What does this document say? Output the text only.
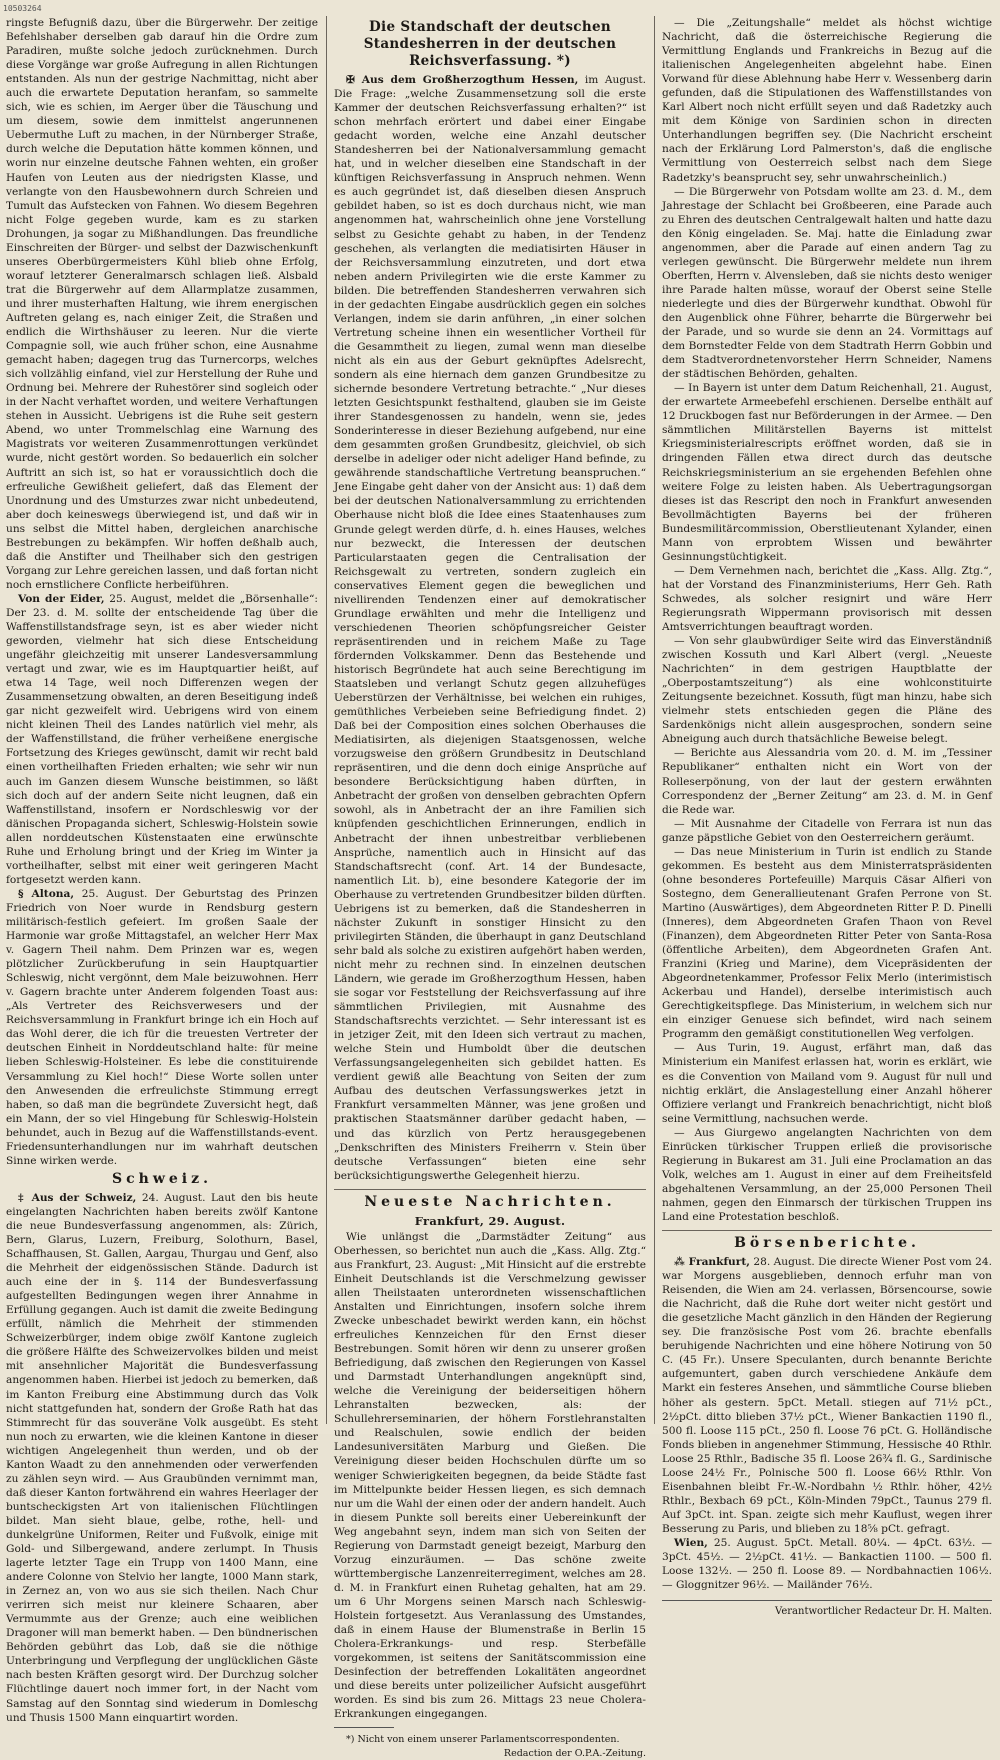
10503264

ringste Befugniß dazu, über die Bürgerwehr. Der zeitige Befehlshaber derselben gab darauf hin die Ordre zum Paradiren, mußte solche jedoch zurücknehmen. Durch diese Vorgänge war große Aufregung in allen Richtungen entstanden. Als nun der gestrige Nachmittag, nicht aber auch die erwartete Deputation heranfam, so sammelte sich, wie es schien, im Aerger über die Täuschung und um diesem, sowie dem inmittelst angerunnenen Uebermuthe Luft zu machen, in der Nürnberger Straße, durch welche die Deputation hätte kommen können, und worin nur einzelne deutsche Fahnen wehten, ein großer Haufen von Leuten aus der niedrigsten Klasse, und verlangte von den Hausbewohnern durch Schreien und Tumult das Aufstecken von Fahnen. Wo diesem Begehren nicht Folge gegeben wurde, kam es zu starken Drohungen, ja sogar zu Mißhandlungen. Das freundliche Einschreiten der Bürger- und selbst der Dazwischenkunft unseres Oberbürgermeisters Kühl blieb ohne Erfolg, worauf letzterer Generalmarsch schlagen ließ. Alsbald trat die Bürgerwehr auf dem Allarmplatze zusammen, und ihrer musterhaften Haltung, wie ihrem energischen Auftreten gelang es, nach einiger Zeit, die Straßen und endlich die Wirthshäuser zu leeren. Nur die vierte Compagnie soll, wie auch früher schon, eine Ausnahme gemacht haben; dagegen trug das Turnercorps, welches sich vollzählig einfand, viel zur Herstellung der Ruhe und Ordnung bei. Mehrere der Ruhestörer sind sogleich oder in der Nacht verhaftet worden, und weitere Verhaftungen stehen in Aussicht. Uebrigens ist die Ruhe seit gestern Abend, wo unter Trommelschlag eine Warnung des Magistrats vor weiteren Zusammenrottungen verkündet wurde, nicht gestört worden. So bedauerlich ein solcher Auftritt an sich ist, so hat er voraussichtlich doch die erfreuliche Gewißheit geliefert, daß das Element der Unordnung und des Umsturzes zwar nicht unbedeutend, aber doch keineswegs überwiegend ist, und daß wir in uns selbst die Mittel haben, dergleichen anarchische Bestrebungen zu bekämpfen. Wir hoffen deßhalb auch, daß die Anstifter und Theilhaber sich den gestrigen Vorgang zur Lehre gereichen lassen, und daß fortan nicht noch ernstlichere Conflicte herbeiführen.

Von der Eider, 25. August, meldet die „Börsenhalle“: Der 23. d. M. sollte der entscheidende Tag über die Waffenstillstandsfrage seyn, ist es aber wieder nicht geworden, vielmehr hat sich diese Entscheidung ungefähr gleichzeitig mit unserer Landesversammlung vertagt und zwar, wie es im Hauptquartier heißt, auf etwa 14 Tage, weil noch Differenzen wegen der Zusammensetzung obwalten, an deren Beseitigung indeß gar nicht gezweifelt wird. Uebrigens wird von einem nicht kleinen Theil des Landes natürlich viel mehr, als der Waffenstillstand, die früher verheißene energische Fortsetzung des Krieges gewünscht, damit wir recht bald einen vortheilhaften Frieden erhalten; wie sehr wir nun auch im Ganzen diesem Wunsche beistimmen, so läßt sich doch auf der andern Seite nicht leugnen, daß ein Waffenstillstand, insofern er Nordschleswig vor der dänischen Propaganda sichert, Schleswig-Holstein sowie allen norddeutschen Küstenstaaten eine erwünschte Ruhe und Erholung bringt und der Krieg im Winter ja vortheilhafter, selbst mit einer weit geringeren Macht fortgesetzt werden kann.

§ Altona, 25. August. Der Geburtstag des Prinzen Friedrich von Noer wurde in Rendsburg gestern militärisch-festlich gefeiert. Im großen Saale der Harmonie war große Mittagstafel, an welcher Herr Max v. Gagern Theil nahm. Dem Prinzen war es, wegen plötzlicher Zurückberufung in sein Hauptquartier Schleswig, nicht vergönnt, dem Male beizuwohnen. Herr v. Gagern brachte unter Anderem folgenden Toast aus: „Als Vertreter des Reichsverwesers und der Reichsversammlung in Frankfurt bringe ich ein Hoch auf das Wohl derer, die ich für die treuesten Vertreter der deutschen Einheit in Norddeutschland halte: für meine lieben Schleswig-Holsteiner. Es lebe die constituirende Versammlung zu Kiel hoch!“ Diese Worte sollen unter den Anwesenden die erfreulichste Stimmung erregt haben, so daß man die begründete Zuversicht hegt, daß ein Mann, der so viel Hingebung für Schleswig-Holstein behundet, auch in Bezug auf die Waffenstillstands-event. Friedensunterhandlungen nur im wahrhaft deutschen Sinne wirken werde.

Schweiz.

‡ Aus der Schweiz, 24. August. Laut den bis heute eingelangten Nachrichten haben bereits zwölf Kantone die neue Bundesverfassung angenommen, als: Zürich, Bern, Glarus, Luzern, Freiburg, Solothurn, Basel, Schaffhausen, St. Gallen, Aargau, Thurgau und Genf, also die Mehrheit der eidgenössischen Stände. Dadurch ist auch eine der in §. 114 der Bundesverfassung aufgestellten Bedingungen wegen ihrer Annahme in Erfüllung gegangen. Auch ist damit die zweite Bedingung erfüllt, nämlich die Mehrheit der stimmenden Schweizerbürger, indem obige zwölf Kantone zugleich die größere Hälfte des Schweizervolkes bilden und meist mit ansehnlicher Majorität die Bundesverfassung angenommen haben. Hierbei ist jedoch zu bemerken, daß im Kanton Freiburg eine Abstimmung durch das Volk nicht stattgefunden hat, sondern der Große Rath hat das Stimmrecht für das souveräne Volk ausgeübt. Es steht nun noch zu erwarten, wie die kleinen Kantone in dieser wichtigen Angelegenheit thun werden, und ob der Kanton Waadt zu den annehmenden oder verwerfenden zu zählen seyn wird. — Aus Graubünden vernimmt man, daß dieser Kanton fortwährend ein wahres Heerlager der buntscheckigsten Art von italienischen Flüchtlingen bildet. Man sieht blaue, gelbe, rothe, hell- und dunkelgrüne Uniformen, Reiter und Fußvolk, einige mit Gold- und Silbergewand, andere zerlumpt. In Thusis lagerte letzter Tage ein Trupp von 1400 Mann, eine andere Colonne von Stelvio her langte, 1000 Mann stark, in Zernez an, von wo aus sie sich theilen. Nach Chur verirren sich meist nur kleinere Schaaren, aber Vermummte aus der Grenze; auch eine weiblichen Dragoner will man bemerkt haben. — Den bündnerischen Behörden gebührt das Lob, daß sie die nöthige Unterbringung und Verpflegung der unglücklichen Gäste nach besten Kräften gesorgt wird. Der Durchzug solcher Flüchtlinge dauert noch immer fort, in der Nacht vom Samstag auf den Sonntag sind wiederum in Domleschg und Thusis 1500 Mann einquartirt worden.

Die Standschaft der deutschen Standesherren in der deutschen Reichsverfassung. *)

✠ Aus dem Großherzogthum Hessen, im August. Die Frage: „welche Zusammensetzung soll die erste Kammer der deutschen Reichsverfassung erhalten?“ ist schon mehrfach erörtert und dabei einer Eingabe gedacht worden, welche eine Anzahl deutscher Standesherren bei der Nationalversammlung gemacht hat, und in welcher dieselben eine Standschaft in der künftigen Reichsverfassung in Anspruch nehmen. Wenn es auch gegründet ist, daß dieselben diesen Anspruch gebildet haben, so ist es doch durchaus nicht, wie man angenommen hat, wahrscheinlich ohne jene Vorstellung selbst zu Gesichte gehabt zu haben, in der Tendenz geschehen, als verlangten die mediatisirten Häuser in der Reichsversammlung einzutreten, und dort etwa neben andern Privilegirten wie die erste Kammer zu bilden. Die betreffenden Standesherren verwahren sich in der gedachten Eingabe ausdrücklich gegen ein solches Verlangen, indem sie darin anführen, „in einer solchen Vertretung scheine ihnen ein wesentlicher Vortheil für die Gesammtheit zu liegen, zumal wenn man dieselbe nicht als ein aus der Geburt geknüpftes Adelsrecht, sondern als eine hiernach dem ganzen Grundbesitze zu sichernde besondere Vertretung betrachte.“ „Nur dieses letzten Gesichtspunkt festhaltend, glauben sie im Geiste ihrer Standesgenossen zu handeln, wenn sie, jedes Sonderinteresse in dieser Beziehung aufgebend, nur eine dem gesammten großen Grundbesitz, gleichviel, ob sich derselbe in adeliger oder nicht adeliger Hand befinde, zu gewährende standschaftliche Vertretung beanspruchen.“ Jene Eingabe geht daher von der Ansicht aus: 1) daß dem bei der deutschen Nationalversammlung zu errichtenden Oberhause nicht bloß die Idee eines Staatenhauses zum Grunde gelegt werden dürfe, d. h. eines Hauses, welches nur bezweckt, die Interessen der deutschen Particularstaaten gegen die Centralisation der Reichsgewalt zu vertreten, sondern zugleich ein conservatives Element gegen die beweglichen und nivellirenden Tendenzen einer auf demokratischer Grundlage erwählten und mehr die Intelligenz und verschiedenen Theorien schöpfungsreicher Geister repräsentirenden und in reichem Maße zu Tage fördernden Volkskammer. Denn das Bestehende und historisch Begründete hat auch seine Berechtigung im Staatsleben und verlangt Schutz gegen allzuhefüges Ueberstürzen der Verhältnisse, bei welchen ein ruhiges, gemüthliches Verbeieben seine Befriedigung findet. 2) Daß bei der Composition eines solchen Oberhauses die Mediatisirten, als diejenigen Staatsgenossen, welche vorzugsweise den größern Grundbesitz in Deutschland repräsentiren, und die denn doch einige Ansprüche auf besondere Berücksichtigung haben dürften, in Anbetracht der großen von denselben gebrachten Opfern sowohl, als in Anbetracht der an ihre Familien sich knüpfenden geschichtlichen Erinnerungen, endlich in Anbetracht der ihnen unbestreitbar verbliebenen Ansprüche, namentlich auch in Hinsicht auf das Standschaftsrecht (conf. Art. 14 der Bundesacte, namentlich Lit. b), eine besondere Kategorie der im Oberhause zu vertretenden Grundbesitzer bilden dürften. Uebrigens ist zu bemerken, daß die Standesherren in nächster Zukunft in sonstiger Hinsicht zu den privilegirten Ständen, die überhaupt in ganz Deutschland sehr bald als solche zu existiren aufgehört haben werden, nicht mehr zu rechnen sind. In einzelnen deutschen Ländern, wie gerade im Großherzogthum Hessen, haben sie sogar vor Feststellung der Reichsverfassung auf ihre sämmtlichen Privilegien, mit Ausnahme des Standschaftsrechts verzichtet. — Sehr interessant ist es in jetziger Zeit, mit den Ideen sich vertraut zu machen, welche Stein und Humboldt über die deutschen Verfassungsangelegenheiten sich gebildet hatten. Es verdient gewiß alle Beachtung von Seiten der zum Aufbau des deutschen Verfassungswerkes jetzt in Frankfurt versammelten Männer, was jene großen und praktischen Staatsmänner darüber gedacht haben, — und das kürzlich von Pertz herausgegebenen „Denkschriften des Ministers Freiherrn v. Stein über deutsche Verfassungen“ bieten eine sehr berücksichtigungswerthe Gelegenheit hierzu.

Neueste Nachrichten.
Frankfurt, 29. August.

Wie unlängst die „Darmstädter Zeitung“ aus Oberhessen, so berichtet nun auch die „Kass. Allg. Ztg.“ aus Frankfurt, 23. August: „Mit Hinsicht auf die erstrebte Einheit Deutschlands ist die Verschmelzung gewisser allen Theilstaaten unterordneten wissenschaftlichen Anstalten und Einrichtungen, insofern solche ihrem Zwecke unbeschadet bewirkt werden kann, ein höchst erfreuliches Kennzeichen für den Ernst dieser Bestrebungen. Somit hören wir denn zu unserer großen Befriedigung, daß zwischen den Regierungen von Kassel und Darmstadt Unterhandlungen angeknüpft sind, welche die Vereinigung der beiderseitigen höhern Lehranstalten bezwecken, als: der Schullehrerseminarien, der höhern Forstlehranstalten und Realschulen, sowie endlich der beiden Landesuniversitäten Marburg und Gießen. Die Vereinigung dieser beiden Hochschulen dürfte um so weniger Schwierigkeiten begegnen, da beide Städte fast im Mittelpunkte beider Hessen liegen, es sich demnach nur um die Wahl der einen oder der andern handelt. Auch in diesem Punkte soll bereits einer Uebereinkunft der Weg angebahnt seyn, indem man sich von Seiten der Regierung von Darmstadt geneigt bezeigt, Marburg den Vorzug einzuräumen. — Das schöne zweite württembergische Lanzenreiterregiment, welches am 28. d. M. in Frankfurt einen Ruhetag gehalten, hat am 29. um 6 Uhr Morgens seinen Marsch nach Schleswig-Holstein fortgesetzt. Aus Veranlassung des Umstandes, daß in einem Hause der Blumenstraße in Berlin 15 Cholera-Erkrankungs- und resp. Sterbefälle vorgekommen, ist seitens der Sanitätscommission eine Desinfection der betreffenden Lokalitäten angeordnet und diese bereits unter polizeilicher Aufsicht ausgeführt worden. Es sind bis zum 26. Mittags 23 neue Cholera-Erkrankungen eingegangen.

*) Nicht von einem unserer Parlamentscorrespondenten.
Redaction der O.P.A.-Zeitung.

— Die „Zeitungshalle“ meldet als höchst wichtige Nachricht, daß die österreichische Regierung die Vermittlung Englands und Frankreichs in Bezug auf die italienischen Angelegenheiten abgelehnt habe. Einen Vorwand für diese Ablehnung habe Herr v. Wessenberg darin gefunden, daß die Stipulationen des Waffenstillstandes von Karl Albert noch nicht erfüllt seyen und daß Radetzky auch mit dem Könige von Sardinien schon in directen Unterhandlungen begriffen sey. (Die Nachricht erscheint nach der Erklärung Lord Palmerston's, daß die englische Vermittlung von Oesterreich selbst nach dem Siege Radetzky's beansprucht sey, sehr unwahrscheinlich.)

— Die Bürgerwehr von Potsdam wollte am 23. d. M., dem Jahrestage der Schlacht bei Großbeeren, eine Parade auch zu Ehren des deutschen Centralgewalt halten und hatte dazu den König eingeladen. Se. Maj. hatte die Einladung zwar angenommen, aber die Parade auf einen andern Tag zu verlegen gewünscht. Die Bürgerwehr meldete nun ihrem Oberften, Herrn v. Alvensleben, daß sie nichts desto weniger ihre Parade halten müsse, worauf der Oberst seine Stelle niederlegte und dies der Bürgerwehr kundthat. Obwohl für den Augenblick ohne Führer, beharrte die Bürgerwehr bei der Parade, und so wurde sie denn an 24. Vormittags auf dem Bornstedter Felde von dem Stadtrath Herrn Gobbin und dem Stadtverordnetenvorsteher Herrn Schneider, Namens der städtischen Behörden, gehalten.

— In Bayern ist unter dem Datum Reichenhall, 21. August, der erwartete Armeebefehl erschienen. Derselbe enthält auf 12 Druckbogen fast nur Beförderungen in der Armee. — Den sämmtlichen Militärstellen Bayerns ist mittelst Kriegsministerialrescripts eröffnet worden, daß sie in dringenden Fällen etwa direct durch das deutsche Reichskriegsministerium an sie ergehenden Befehlen ohne weitere Folge zu leisten haben. Als Uebertragungsorgan dieses ist das Rescript den noch in Frankfurt anwesenden Bevollmächtigten Bayerns bei der früheren Bundesmilitärcommission, Oberstlieutenant Xylander, einen Mann von erprobtem Wissen und bewährter Gesinnungstüchtigkeit.

— Dem Vernehmen nach, berichtet die „Kass. Allg. Ztg.“, hat der Vorstand des Finanzministeriums, Herr Geh. Rath Schwedes, als solcher resignirt und wäre Herr Regierungsrath Wippermann provisorisch mit dessen Amtsverrichtungen beauftragt worden.

— Von sehr glaubwürdiger Seite wird das Einverständniß zwischen Kossuth und Karl Albert (vergl. „Neueste Nachrichten“ in dem gestrigen Hauptblatte der „Oberpostamtszeitung“) als eine wohlconstituirte Zeitungsente bezeichnet. Kossuth, fügt man hinzu, habe sich vielmehr stets entschieden gegen die Pläne des Sardenkönigs nicht allein ausgesprochen, sondern seine Abneigung auch durch thatsächliche Beweise belegt.

— Berichte aus Alessandria vom 20. d. M. im „Tessiner Republikaner“ enthalten nicht ein Wort von der Rolleserpönung, von der laut der gestern erwähnten Correspondenz der „Berner Zeitung“ am 23. d. M. in Genf die Rede war.

— Mit Ausnahme der Citadelle von Ferrara ist nun das ganze päpstliche Gebiet von den Oesterreichern geräumt.

— Das neue Ministerium in Turin ist endlich zu Stande gekommen. Es besteht aus dem Ministerratspräsidenten (ohne besonderes Portefeuille) Marquis Cäsar Alfieri von Sostegno, dem Generallieutenant Grafen Perrone von St. Martino (Auswärtiges), dem Abgeordneten Ritter P. D. Pinelli (Inneres), dem Abgeordneten Grafen Thaon von Revel (Finanzen), dem Abgeordneten Ritter Peter von Santa-Rosa (öffentliche Arbeiten), dem Abgeordneten Grafen Ant. Franzini (Krieg und Marine), dem Vicepräsidenten der Abgeordnetenkammer, Professor Felix Merlo (interimistisch Ackerbau und Handel), derselbe interimistisch auch Gerechtigkeitspflege. Das Ministerium, in welchem sich nur ein einziger Genuese sich befindet, wird nach seinem Programm den gemäßigt constitutionellen Weg verfolgen.

— Aus Turin, 19. August, erfährt man, daß das Ministerium ein Manifest erlassen hat, worin es erklärt, wie es die Convention von Mailand vom 9. August für null und nichtig erklärt, die Anslagestellung einer Anzahl höherer Offiziere verlangt und Frankreich benachrichtigt, nicht bloß seine Vermittlung, nachsuchen werde.

— Aus Giurgewo angelangten Nachrichten von dem Einrücken türkischer Truppen erließ die provisorische Regierung in Bukarest am 31. Juli eine Proclamation an das Volk, welches am 1. August in einer auf dem Freiheitsfeld abgehaltenen Versammlung, an der 25,000 Personen Theil nahmen, gegen den Einmarsch der türkischen Truppen ins Land eine Protestation beschloß.

Börsenberichte.

⁂ Frankfurt, 28. August. Die directe Wiener Post vom 24. war Morgens ausgeblieben, dennoch erfuhr man von Reisenden, die Wien am 24. verlassen, Börsencourse, sowie die Nachricht, daß die Ruhe dort weiter nicht gestört und die gesetzliche Macht gänzlich in den Händen der Regierung sey. Die französische Post vom 26. brachte ebenfalls beruhigende Nachrichten und eine höhere Notirung von 50 C. (45 Fr.). Unsere Speculanten, durch benannte Berichte aufgemuntert, gaben durch verschiedene Ankäufe dem Markt ein festeres Ansehen, und sämmtliche Course blieben höher als gestern. 5pCt. Metall. stiegen auf 71½ pCt., 2½pCt. ditto blieben 37½ pCt., Wiener Bankactien 1190 fl., 500 fl. Loose 115 pCt., 250 fl. Loose 76 pCt. G. Holländische Fonds blieben in angenehmer Stimmung, Hessische 40 Rthlr. Loose 25 Rthlr., Badische 35 fl. Loose 26¾ fl. G., Sardinische Loose 24½ Fr., Polnische 500 fl. Loose 66½ Rthlr. Von Eisenbahnen bleibt Fr.-W.-Nordbahn ½ Rthlr. höher, 42½ Rthlr., Bexbach 69 pCt., Köln-Minden 79pCt., Taunus 279 fl. Auf 3pCt. int. Span. zeigte sich mehr Kauflust, wegen ihrer Besserung zu Paris, und blieben zu 18⅝ pCt. gefragt.

Wien, 25. August. 5pCt. Metall. 80¼. — 4pCt. 63½. — 3pCt. 45½. — 2½pCt. 41½. — Bankactien 1100. — 500 fl. Loose 132½. — 250 fl. Loose 89. — Nordbahnactien 106½. — Gloggnitzer 96½. — Mailänder 76½.

Verantwortlicher Redacteur Dr. H. Malten.
